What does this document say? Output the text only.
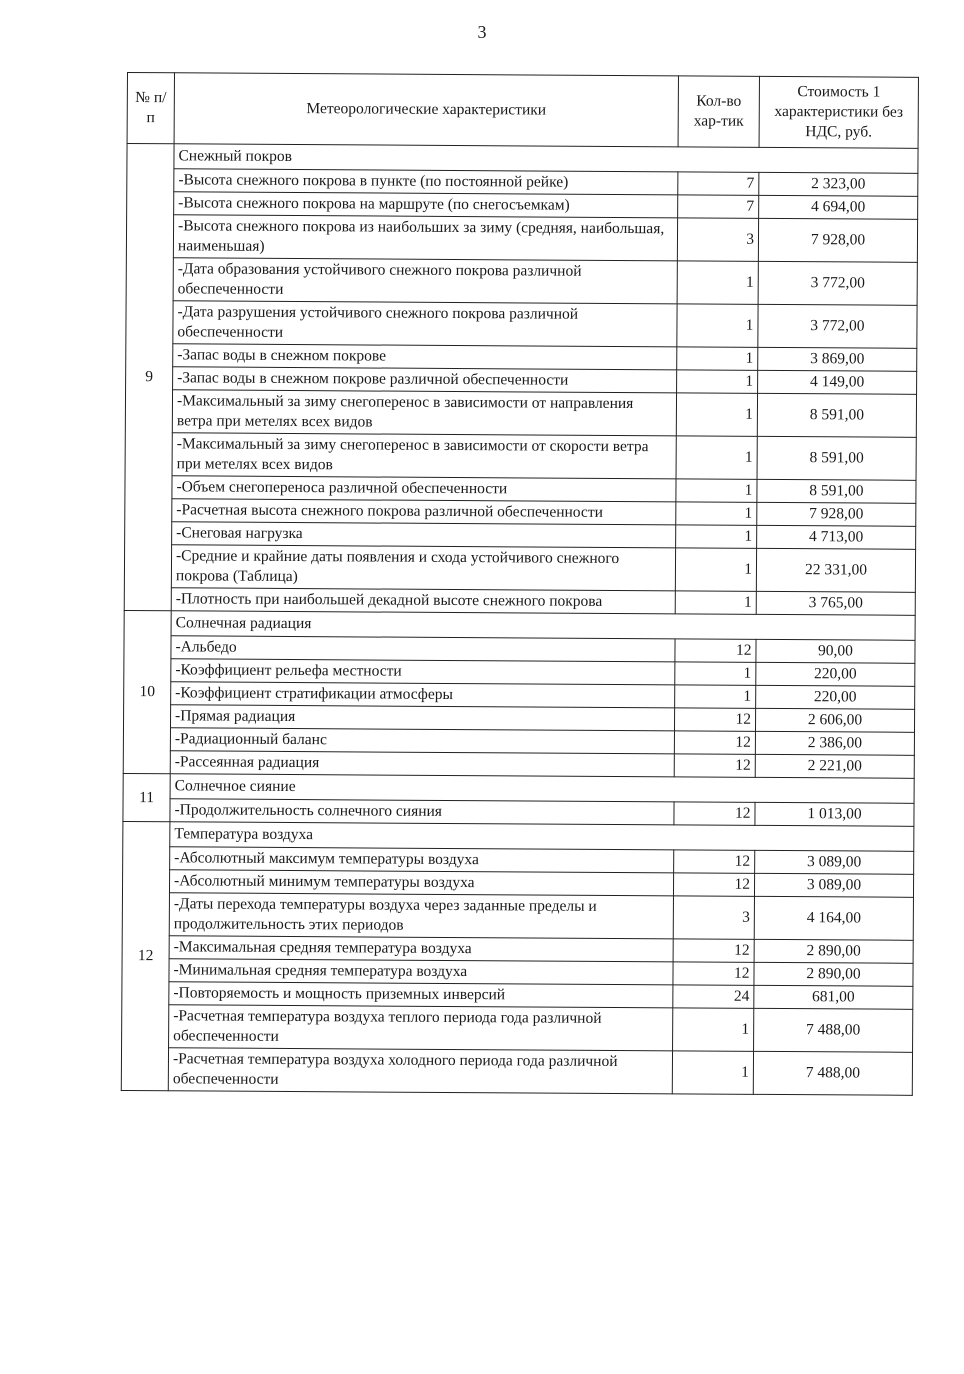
3
№ п/п	Метеорологические характеристики	Кол-во хар-тик	Стоимость 1 характеристики без НДС, руб.
9	Снежный покров		
	-Высота снежного покрова в пункте (по постоянной рейке)	7	2 323,00
	-Высота снежного покрова на маршруте (по снегосъемкам)	7	4 694,00
	-Высота снежного покрова из наибольших за зиму (средняя, наибольшая, наименьшая)	3	7 928,00
	-Дата образования устойчивого снежного покрова различной обеспеченности	1	3 772,00
	-Дата разрушения устойчивого снежного покрова различной обеспеченности	1	3 772,00
	-Запас воды в снежном покрове	1	3 869,00
	-Запас воды в снежном покрове различной обеспеченности	1	4 149,00
	-Максимальный за зиму снегоперенос в зависимости от направления ветра при метелях всех видов	1	8 591,00
	-Максимальный за зиму снегоперенос в зависимости от скорости ветра при метелях всех видов	1	8 591,00
	-Объем снегопереноса различной обеспеченности	1	8 591,00
	-Расчетная высота снежного покрова различной обеспеченности	1	7 928,00
	-Снеговая нагрузка	1	4 713,00
	-Средние и крайние даты появления и схода устойчивого снежного покрова (Таблица)	1	22 331,00
	-Плотность при наибольшей декадной высоте снежного покрова	1	3 765,00
10	Солнечная радиация		
	-Альбедо	12	90,00
	-Коэффициент рельефа местности	1	220,00
	-Коэффициент стратификации атмосферы	1	220,00
	-Прямая радиация	12	2 606,00
	-Радиационный баланс	12	2 386,00
	-Рассеянная радиация	12	2 221,00
11	Солнечное сияние		
	-Продолжительность солнечного сияния	12	1 013,00
12	Температура воздуха		
	-Абсолютный максимум температуры воздуха	12	3 089,00
	-Абсолютный минимум температуры воздуха	12	3 089,00
	-Даты перехода температуры воздуха через заданные пределы и продолжительность этих периодов	3	4 164,00
	-Максимальная средняя температура воздуха	12	2 890,00
	-Минимальная средняя температура воздуха	12	2 890,00
	-Повторяемость и мощность приземных инверсий	24	681,00
	-Расчетная температура воздуха теплого периода года различной обеспеченности	1	7 488,00
	-Расчетная температура воздуха холодного периода года различной обеспеченности	1	7 488,00
